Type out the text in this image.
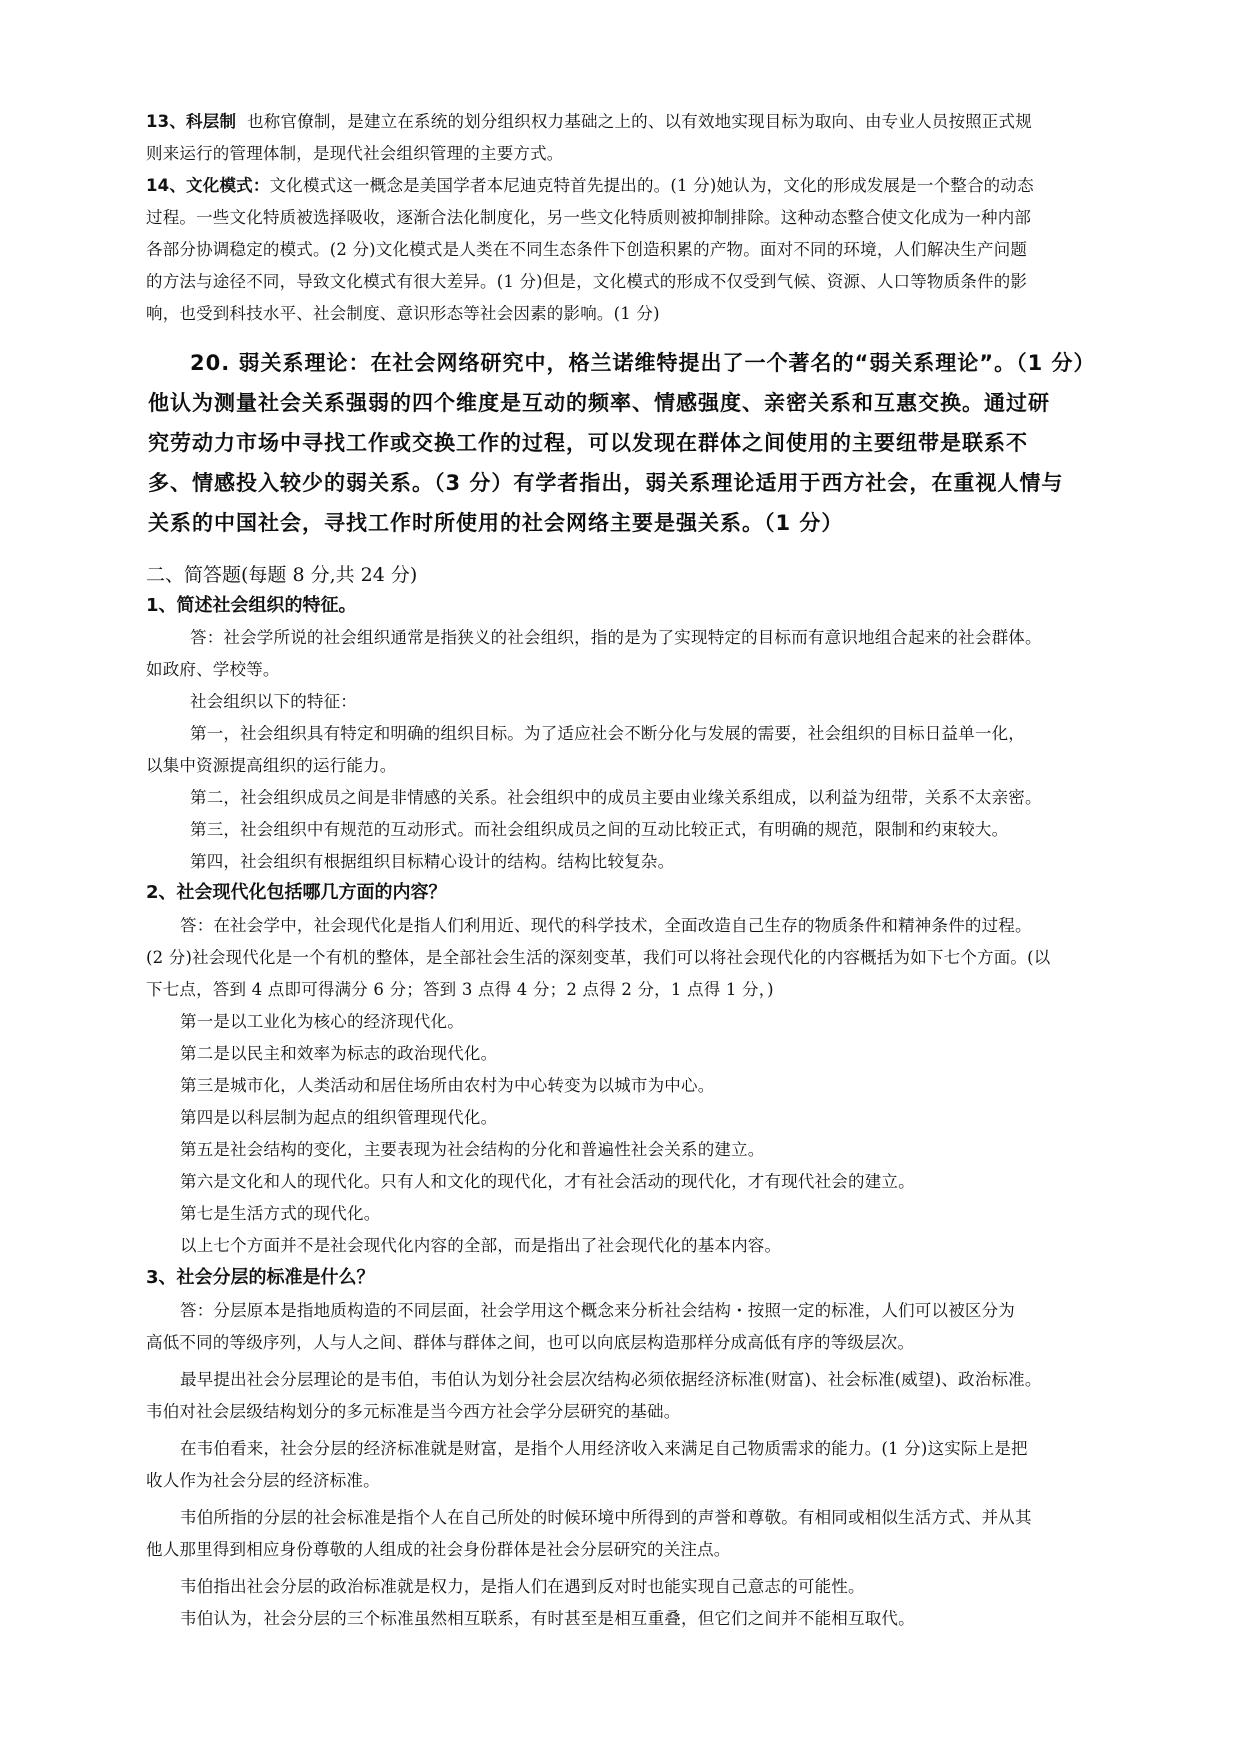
13、科层制 也称官僚制，是建立在系统的划分组织权力基础之上的、以有效地实现目标为取向、由专业人员按照正式规
则来运行的管理体制，是现代社会组织管理的主要方式。
14、文化模式：文化模式这一概念是美国学者本尼迪克特首先提出的。(1 分)她认为，文化的形成发展是一个整合的动态
过程。一些文化特质被选择吸收，逐渐合法化制度化，另一些文化特质则被抑制排除。这种动态整合使文化成为一种内部
各部分协调稳定的模式。(2 分)文化模式是人类在不同生态条件下创造积累的产物。面对不同的环境，人们解决生产问题
的方法与途径不同，导致文化模式有很大差异。(1 分)但是，文化模式的形成不仅受到气候、资源、人口等物质条件的影
响，也受到科技水平、社会制度、意识形态等社会因素的影响。(1 分)
20. 弱关系理论：在社会网络研究中，格兰诺维特提出了一个著名的“弱关系理论”。（1 分）
他认为测量社会关系强弱的四个维度是互动的频率、情感强度、亲密关系和互惠交换。通过研
究劳动力市场中寻找工作或交换工作的过程，可以发现在群体之间使用的主要纽带是联系不
多、情感投入较少的弱关系。（3 分）有学者指出，弱关系理论适用于西方社会，在重视人情与
关系的中国社会，寻找工作时所使用的社会网络主要是强关系。（1 分）
二、简答题(每题 8 分,共 24 分)
1、简述社会组织的特征。
答：社会学所说的社会组织通常是指狭义的社会组织，指的是为了实现特定的目标而有意识地组合起来的社会群体。
如政府、学校等。
社会组织以下的特征：
第一，社会组织具有特定和明确的组织目标。为了适应社会不断分化与发展的需要，社会组织的目标日益单一化，
以集中资源提高组织的运行能力。
第二，社会组织成员之间是非情感的关系。社会组织中的成员主要由业缘关系组成，以利益为纽带，关系不太亲密。
第三，社会组织中有规范的互动形式。而社会组织成员之间的互动比较正式，有明确的规范，限制和约束较大。
第四，社会组织有根据组织目标精心设计的结构。结构比较复杂。
2、社会现代化包括哪几方面的内容？
答：在社会学中，社会现代化是指人们利用近、现代的科学技术，全面改造自己生存的物质条件和精神条件的过程。
(2 分)社会现代化是一个有机的整体，是全部社会生活的深刻变革，我们可以将社会现代化的内容概括为如下七个方面。(以
下七点，答到 4 点即可得满分 6 分；答到 3 点得 4 分；2 点得 2 分，1 点得 1 分，)
第一是以工业化为核心的经济现代化。
第二是以民主和效率为标志的政治现代化。
第三是城市化，人类活动和居住场所由农村为中心转变为以城市为中心。
第四是以科层制为起点的组织管理现代化。
第五是社会结构的变化，主要表现为社会结构的分化和普遍性社会关系的建立。
第六是文化和人的现代化。只有人和文化的现代化，才有社会活动的现代化，才有现代社会的建立。
第七是生活方式的现代化。
以上七个方面并不是社会现代化内容的全部，而是指出了社会现代化的基本内容。
3、社会分层的标准是什么？
答：分层原本是指地质构造的不同层面，社会学用这个概念来分析社会结构・按照一定的标准，人们可以被区分为
高低不同的等级序列，人与人之间、群体与群体之间，也可以向底层构造那样分成高低有序的等级层次。
最早提出社会分层理论的是韦伯，韦伯认为划分社会层次结构必须依据经济标准(财富)、社会标准(威望)、政治标准。
韦伯对社会层级结构划分的多元标准是当今西方社会学分层研究的基础。
在韦伯看来，社会分层的经济标准就是财富，是指个人用经济收入来满足自己物质需求的能力。(1 分)这实际上是把
收人作为社会分层的经济标准。
韦伯所指的分层的社会标准是指个人在自己所处的时候环境中所得到的声誉和尊敬。有相同或相似生活方式、并从其
他人那里得到相应身份尊敬的人组成的社会身份群体是社会分层研究的关注点。
韦伯指出社会分层的政治标准就是权力，是指人们在遇到反对时也能实现自己意志的可能性。
韦伯认为，社会分层的三个标准虽然相互联系，有时甚至是相互重叠，但它们之间并不能相互取代。
